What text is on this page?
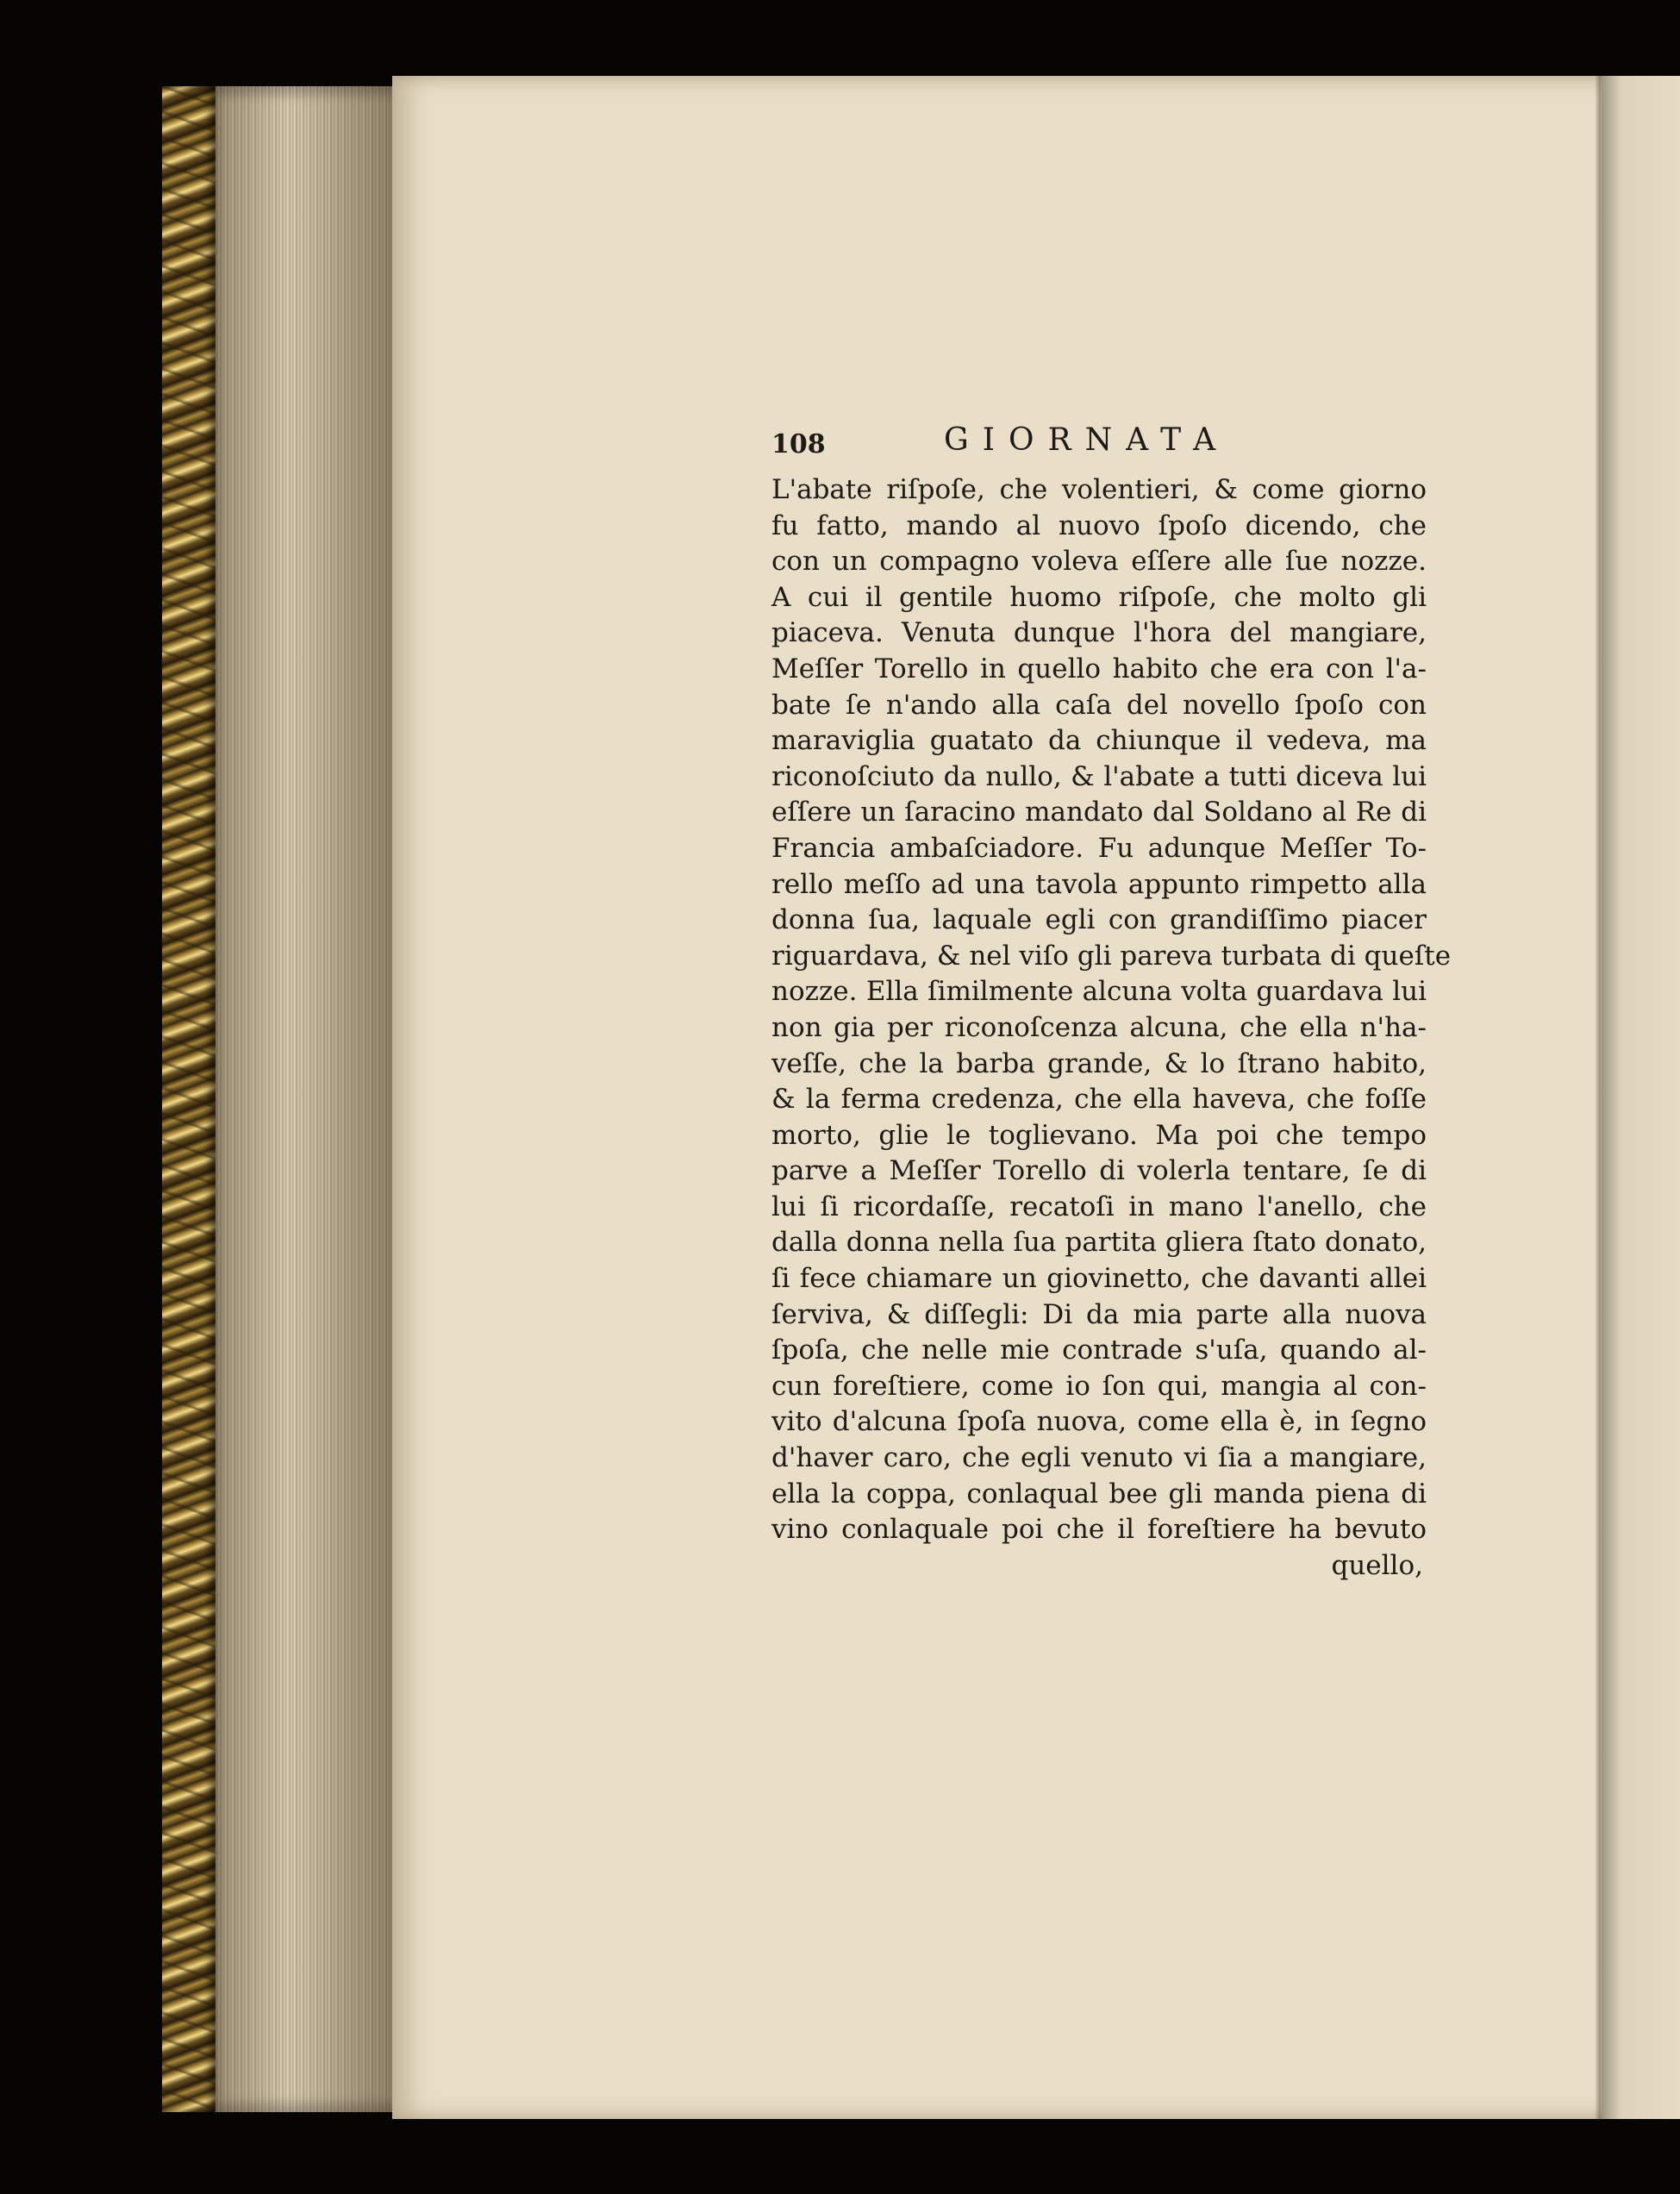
108	GIORNATA
L'abate riſpoſe, che volentieri, & come giorno
fu fatto, mando al nuovo ſpoſo dicendo, che
con un compagno voleva eſſere alle ſue nozze.
A cui il gentile huomo riſpoſe, che molto gli
piaceva. Venuta dunque l'hora del mangiare,
Meſſer Torello in quello habito che era con l'a-
bate ſe n'ando alla caſa del novello ſpoſo con
maraviglia guatato da chiunque il vedeva, ma
riconoſciuto da nullo, & l'abate a tutti diceva lui
eſſere un ſaracino mandato dal Soldano al Re di
Francia ambaſciadore. Fu adunque Meſſer To-
rello meſſo ad una tavola appunto rimpetto alla
donna ſua, laquale egli con grandiſſimo piacer
riguardava, & nel viſo gli pareva turbata di queſte
nozze. Ella ſimilmente alcuna volta guardava lui
non gia per riconoſcenza alcuna, che ella n'ha-
veſſe, che la barba grande, & lo ſtrano habito,
& la ferma credenza, che ella haveva, che foſſe
morto, glie le toglievano. Ma poi che tempo
parve a Meſſer Torello di volerla tentare, ſe di
lui ſi ricordaſſe, recatoſi in mano l'anello, che
dalla donna nella ſua partita gliera ſtato donato,
ſi fece chiamare un giovinetto, che davanti allei
ſerviva, & diſſegli: Di da mia parte alla nuova
ſpoſa, che nelle mie contrade s'uſa, quando al-
cun foreſtiere, come io ſon qui, mangia al con-
vito d'alcuna ſpoſa nuova, come ella è, in ſegno
d'haver caro, che egli venuto vi ſia a mangiare,
ella la coppa, conlaqual bee gli manda piena di
vino conlaquale poi che il foreſtiere ha bevuto
quello,
